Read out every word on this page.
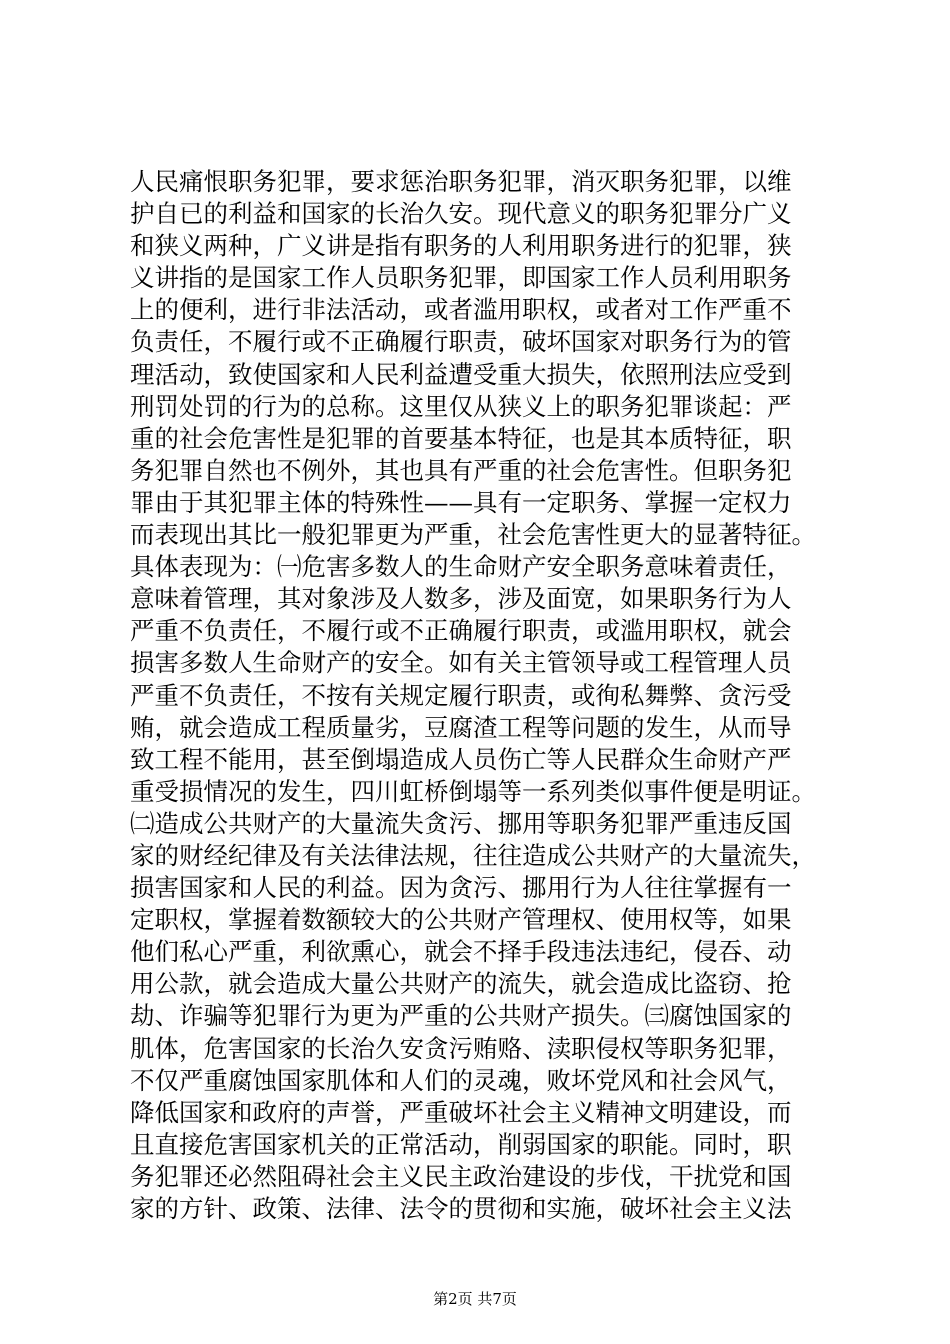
人民痛恨职务犯罪，要求惩治职务犯罪，消灭职务犯罪，以维
护自已的利益和国家的长治久安。现代意义的职务犯罪分广义
和狭义两种，广义讲是指有职务的人利用职务进行的犯罪，狭
义讲指的是国家工作人员职务犯罪，即国家工作人员利用职务
上的便利，进行非法活动，或者滥用职权，或者对工作严重不
负责任，不履行或不正确履行职责，破坏国家对职务行为的管
理活动，致使国家和人民利益遭受重大损失，依照刑法应受到
刑罚处罚的行为的总称。这里仅从狭义上的职务犯罪谈起：严
重的社会危害性是犯罪的首要基本特征，也是其本质特征，职
务犯罪自然也不例外，其也具有严重的社会危害性。但职务犯
罪由于其犯罪主体的特殊性——具有一定职务、掌握一定权力
而表现出其比一般犯罪更为严重，社会危害性更大的显著特征。
具体表现为：㈠危害多数人的生命财产安全职务意味着责任，
意味着管理，其对象涉及人数多，涉及面宽，如果职务行为人
严重不负责任，不履行或不正确履行职责，或滥用职权，就会
损害多数人生命财产的安全。如有关主管领导或工程管理人员
严重不负责任，不按有关规定履行职责，或徇私舞弊、贪污受
贿，就会造成工程质量劣，豆腐渣工程等问题的发生，从而导
致工程不能用，甚至倒塌造成人员伤亡等人民群众生命财产严
重受损情况的发生，四川虹桥倒塌等一系列类似事件便是明证。
㈡造成公共财产的大量流失贪污、挪用等职务犯罪严重违反国
家的财经纪律及有关法律法规，往往造成公共财产的大量流失，
损害国家和人民的利益。因为贪污、挪用行为人往往掌握有一
定职权，掌握着数额较大的公共财产管理权、使用权等，如果
他们私心严重，利欲熏心，就会不择手段违法违纪，侵吞、动
用公款，就会造成大量公共财产的流失，就会造成比盗窃、抢
劫、诈骗等犯罪行为更为严重的公共财产损失。㈢腐蚀国家的
肌体，危害国家的长治久安贪污贿赂、渎职侵权等职务犯罪，
不仅严重腐蚀国家肌体和人们的灵魂，败坏党风和社会风气，
降低国家和政府的声誉，严重破坏社会主义精神文明建设，而
且直接危害国家机关的正常活动，削弱国家的职能。同时，职
务犯罪还必然阻碍社会主义民主政治建设的步伐，干扰党和国
家的方针、政策、法律、法令的贯彻和实施，破坏社会主义法
第2页 共7页
